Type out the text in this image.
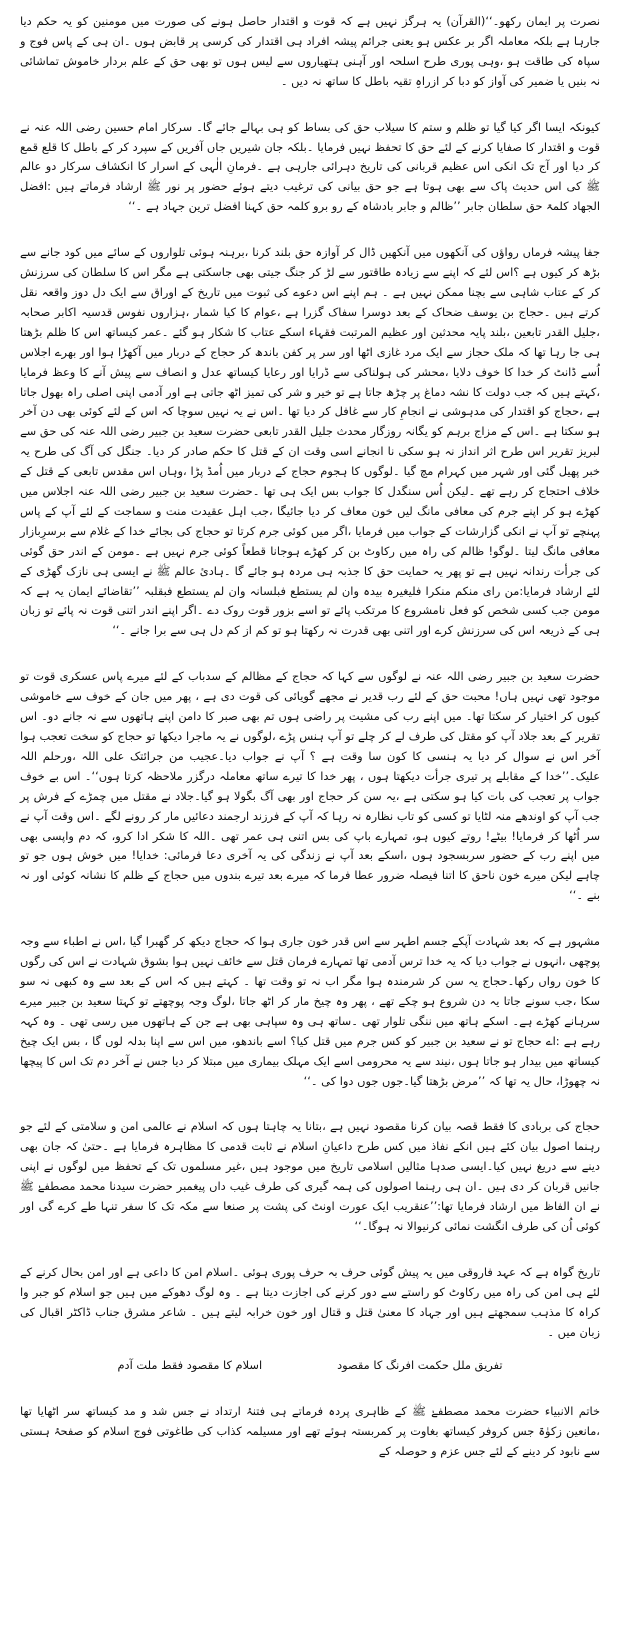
نصرت پر ایمان رکھو۔‘‘(القرآن) یہ ہرگز نہیں ہے کہ قوت و اقتدار حاصل ہونے کی صورت میں مومنین کو یہ حکم دیا جارہا ہے بلکہ معاملہ اگر بر عکس ہو یعنی جرائم پیشہ افراد ہی اقتدار کی کرسی پر قابض ہوں ۔ان ہی کے پاس فوج و سپاہ کی طاقت ہو ،وہی پوری طرح اسلحہ اور آہنی ہتھیاروں سے لیس ہوں تو بھی حق کے علم بردار خاموش تماشائی نہ بنیں یا ضمیر کی آواز کو دبا کر ازراہِ تقیہ باطل کا ساتھ نہ دیں ۔

کیونکہ ایسا اگر کیا گیا تو ظلم و ستم کا سیلاب حق کی بساط کو ہی بہالے جائے گا۔ سرکار امام حسین رضی اللہ عنہ نے قوت و اقتدار کا صفایا کرنے کے لئے حق کا تحفظ نہیں فرمایا ۔بلکہ جان شیریں جاں آفریں کے سپرد کر کے باطل کا قلع قمع کر دیا اور آج تک انکی اس عظیم قربانی کی تاریخ دہرائی جارہی ہے ۔فرمانِ الٰہی کے اسرار کا انکشاف سرکار دو عالم ﷺ کی اس حدیث پاک سے بھی ہوتا ہے جو حق بیانی کی ترغیب دیتے ہوئے حضور پر نور ﷺ ارشاد فرماتے ہیں :افضل الجھاد کلمۃ حق سلطان جابر ’’ظالم و جابر بادشاہ کے رو برو کلمہ حق کہنا افضل ترین جہاد ہے ۔‘‘

جفا پیشہ فرماں رواؤں کی آنکھوں میں آنکھیں ڈال کر آوازہ حق بلند کرنا ،برہنہ ہوئی تلواروں کے سائے میں کود جانے سے بڑھ کر کیوں ہے ؟اس لئے کہ اپنے سے زیادہ طاقتور سے لڑ کر جنگ جیتی بھی جاسکتی ہے مگر اس کا سلطان کی سرزنش کر کے عتاب شاہی سے بچنا ممکن نہیں ہے ۔ ہم اپنے اس دعوے کی ثبوت میں تاریخ کے اوراق سے ایک دل دوز واقعہ نقل کرتے ہیں ۔حجاج بن یوسف ضحاک کے بعد دوسرا سفاک گزرا ہے ،عوام کا کیا شمار ،ہزاروں نفوس قدسیہ اکابر صحابہ ،جلیل القدر تابعین ،بلند پایہ محدثین اور عظیم المرتبت فقہاء اسکے عتاب کا شکار ہو گئے ۔عمر کیساتھ اس کا ظلم بڑھتا ہی جا رہا تھا کہ ملک حجاز سے ایک مرد غازی اٹھا اور سر پر کفن باندھ کر حجاج کے دربار میں آکھڑا ہوا اور بھرے اجلاس اُسے ڈانٹ کر خدا کا خوف دلایا ،محشر کی ہولناکی سے ڈرایا اور رعایا کیساتھ عدل و انصاف سے پیش آنے کا وعظ فرمایا ،کہتے ہیں کہ جب دولت کا نشہ دماغ پر چڑھ جاتا ہے تو خیر و شر کی تمیز اٹھ جاتی ہے اور آدمی اپنی اصلی راہ بھول جاتا ہے ،حجاج کو اقتدار کی مدہوشی نے انجامِ کار سے غافل کر دیا تھا ۔اس نے یہ نہیں سوچا کہ اس کے لئے کوئی بھی دن آخر ہو سکتا ہے ۔اس کے مزاج برہم کو یگانہ روزگار محدث جلیل القدر تابعی حضرت سعید بن جبیر رضی اللہ عنہ کی حق سے لبریز تقریر اس طرح اثر انداز نہ ہو سکی نا انجانے اسی وقت ان کے قتل کا حکم صادر کر دیا۔ جنگل کی آگ کی طرح یہ خبر پھیل گئی اور شہر میں کہرام مچ گیا ۔لوگوں کا ہجوم حجاج کے دربار میں اُمڈ پڑا ،وہاں اس مقدس تابعی کے قتل کے خلاف احتجاج کر رہے تھے ۔لیکن اُس سنگدل کا جواب بس ایک ہی تھا ۔حضرت سعید بن جبیر رضی اللہ عنہ اجلاس میں کھڑے ہو کر اپنے جرم کی معافی مانگ لیں خون معاف کر دیا جائیگا ،جب اہل عقیدت منت و سماجت کے لئے آپ کے پاس پہنچے تو آپ نے انکی گزارشات کے جواب میں فرمایا ،اگر میں کوئی جرم کرتا تو حجاج کی بجائے خدا کے غلام سے برسرِبازار معافی مانگ لیتا ۔لوگو! ظالم کی راہ میں رکاوٹ بن کر کھڑے ہوجانا قطعاً کوئی جرم نہیں ہے ۔مومن کے اندر حق گوئی کی جرأت رندانہ نہیں ہے تو پھر یہ حمایت حق کا جذبہ ہی مردہ ہو جائے گا ۔ہادئ عالم ﷺ نے ایسی ہی نازک گھڑی کے لئے ارشاد فرمایا:من رای منکم منکرا فلیغیرہ بیدہ وان لم یستطع فبلسانہ وان لم یستطع فبقلبہ ’’تقاضائے ایمان یہ ہے کہ مومن جب کسی شخص کو فعل نامشروع کا مرتکب پائے تو اسے بزور قوت روک دے ۔اگر اپنے اندر اتنی قوت نہ پائے تو زبان ہی کے ذریعہ اس کی سرزنش کرے اور اتنی بھی قدرت نہ رکھتا ہو تو کم از کم دل ہی سے برا جانے ۔‘‘

حضرت سعید بن جبیر رضی اللہ عنہ نے لوگوں سے کہا کہ حجاج کے مظالم کے سدباب کے لئے میرے پاس عسکری قوت تو موجود تھی نہیں ہاں! محبت حق کے لئے رب قدیر نے مجھے گویائی کی قوت دی ہے ، پھر میں جان کے خوف سے خاموشی کیوں کر اختیار کر سکتا تھا۔ میں اپنے رب کی مشیت پر راضی ہوں تم بھی صبر کا دامن اپنے ہاتھوں سے نہ جانے دو۔ اس تقریر کے بعد جلاد آپ کو مقتل کی طرف لے کر چلے تو آپ ہنس پڑے ،لوگوں نے یہ ماجرا دیکھا تو حجاج کو سخت تعجب ہوا آخر اس نے سوال کر دیا یہ ہنسی کا کون سا وقت ہے ؟ آپ نے جواب دیا۔عجیب من جرائتک علی اللہ ،ورحلم اللہ علیک۔’’خدا کے مقابلے پر تیری جرأت دیکھتا ہوں ، پھر خدا کا تیرے ساتھ معاملہ درگزر ملاحظہ کرتا ہوں‘‘۔ اس بے خوف جواب پر تعجب کی بات کیا ہو سکتی ہے ،یہ سن کر حجاج اور بھی آگ بگولا ہو گیا۔جلاد نے مقتل میں چمڑے کے فرش پر جب آپ کو اوندھے منہ لٹایا تو کسی کو تاب نظارہ نہ رہا کہ آپ کے فرزند ارجمند دعائیں مار کر رونے لگے ۔اس وقت آپ نے سر اُٹھا کر فرمایا! بیٹے! روتے کیوں ہو، تمہارے باپ کی بس اتنی ہی عمر تھی ۔اللہ کا شکر ادا کرو، کہ دم واپسی بھی میں اپنے رب کے حضور سربسجود ہوں ،اسکے بعد آپ نے زندگی کی یہ آخری دعا فرمائی: خدایا! میں خوش ہوں جو تو چاہے لیکن میرے خون ناحق کا اتنا فیصلہ ضرور عطا فرما کہ میرے بعد تیرے بندوں میں حجاج کے ظلم کا نشانہ کوئی اور نہ بنے ۔‘‘

مشہور ہے کہ بعد شہادت آپکے جسم اطہر سے اس قدر خون جاری ہوا کہ حجاج دیکھ کر گھبرا گیا ،اس نے اطباء سے وجہ پوچھی ،انہوں نے جواب دیا کہ یہ خدا ترس آدمی تھا تمہارے فرمان قتل سے خائف نہیں ہوا بشوق شہادت نے اس کی رگوں کا خون رواں رکھا۔حجاج یہ سن کر شرمندہ ہوا مگر اب نہ تو وقت تھا ۔ کہتے ہیں کہ اس کے بعد سے وہ کبھی نہ سو سکا ،جب سونے جاتا یہ دن شروع ہو چکے تھے ، پھر وہ چیخ مار کر اٹھ جاتا ،لوگ وجہ پوچھتے تو کہتا سعید بن جبیر میرے سرہانے کھڑے ہے۔ اسکے ہاتھ میں ننگی تلوار تھی ۔ساتھ ہی وہ سپاہی بھی ہے جن کے ہاتھوں میں رسی تھی ۔ وہ کہہ رہے ہے :اے حجاج تو نے سعید بن جبیر کو کس جرم میں قتل کیا؟ اسے باندھو، میں اس سے اپنا بدلہ لوں گا ، بس ایک چیخ کیساتھ میں بیدار ہو جاتا ہوں ،نیند سے یہ محرومی اسے ایک مہلک بیماری میں مبتلا کر دیا جس نے آخر دم تک اس کا پیچھا نہ چھوڑا، حال یہ تھا کہ ’’مرض بڑھتا گیا۔جوں جوں دوا کی ۔‘‘

حجاج کی بربادی کا فقط قصہ بیان کرنا مقصود نہیں ہے ،بتانا یہ چاہتا ہوں کہ اسلام نے عالمی امن و سلامتی کے لئے جو رہنما اصول بیان کئے ہیں انکے نفاذ میں کس طرح داعیانِ اسلام نے ثابت قدمی کا مظاہرہ فرمایا ہے ۔حتیٰ کہ جان بھی دینے سے دریغ نہیں کیا۔ایسی صدہا مثالیں اسلامی تاریخ میں موجود ہیں ،غیر مسلموں تک کے تحفظ میں لوگوں نے اپنی جانیں قربان کر دی ہیں ۔ان ہی رہنما اصولوں کی ہمہ گیری کی طرف غیب داں پیغمبر حضرت سیدنا محمد مصطفےٰ ﷺ نے ان الفاظ میں ارشاد فرمایا تھا:’’عنقریب ایک عورت اونٹ کی پشت پر صنعا سے مکہ تک کا سفر تنہا طے کرے گی اور کوئی اُن کی طرف انگشت نمائی کرنیوالا نہ ہوگا۔‘‘

تاریخ گواہ ہے کہ عہد فاروقی میں یہ پیش گوئی حرف بہ حرف پوری ہوئی ۔اسلام امن کا داعی ہے اور امن بحال کرنے کے لئے ہی امن کی راہ میں رکاوٹ کو راستے سے دور کرنے کی اجازت دیتا ہے ۔ وہ لوگ دھوکے میں ہیں جو اسلام کو جبر وا کراہ کا مذہب سمجھتے ہیں اور جہاد کا معنیٰ قتل و قتال اور خون خرابہ لیتے ہیں ۔ شاعر مشرق جناب ڈاکٹر اقبال کی زبان میں ۔

تفریق ملل حکمت افرنگ کا مقصود
اسلام کا مقصود فقط ملت آدم

خاتم الانبیاء حضرت محمد مصطفےٰ ﷺ کے ظاہری پردہ فرماتے ہی فتنۂ ارتداد نے جس شد و مد کیساتھ سر اٹھایا تھا ،مانعین زکوٰۃ جس کروفر کیساتھ بغاوت پر کمربستہ ہوئے تھے اور مسیلمہ کذاب کی طاغوتی فوج اسلام کو صفحۂ ہستی سے نابود کر دینے کے لئے جس عزم و حوصلہ کے
